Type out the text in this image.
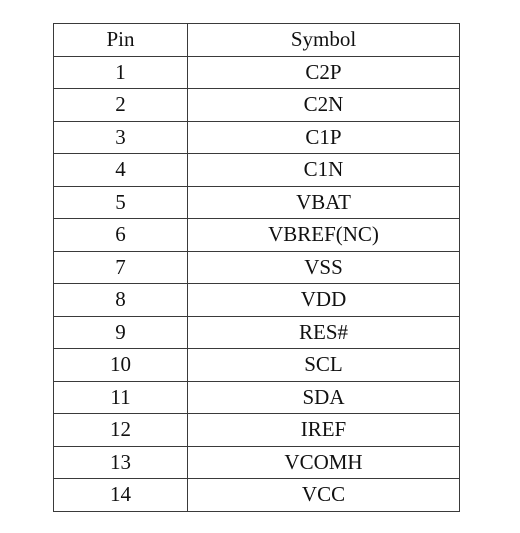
Pin	Symbol
1	C2P
2	C2N
3	C1P
4	C1N
5	VBAT
6	VBREF(NC)
7	VSS
8	VDD
9	RES#
10	SCL
11	SDA
12	IREF
13	VCOMH
14	VCC
